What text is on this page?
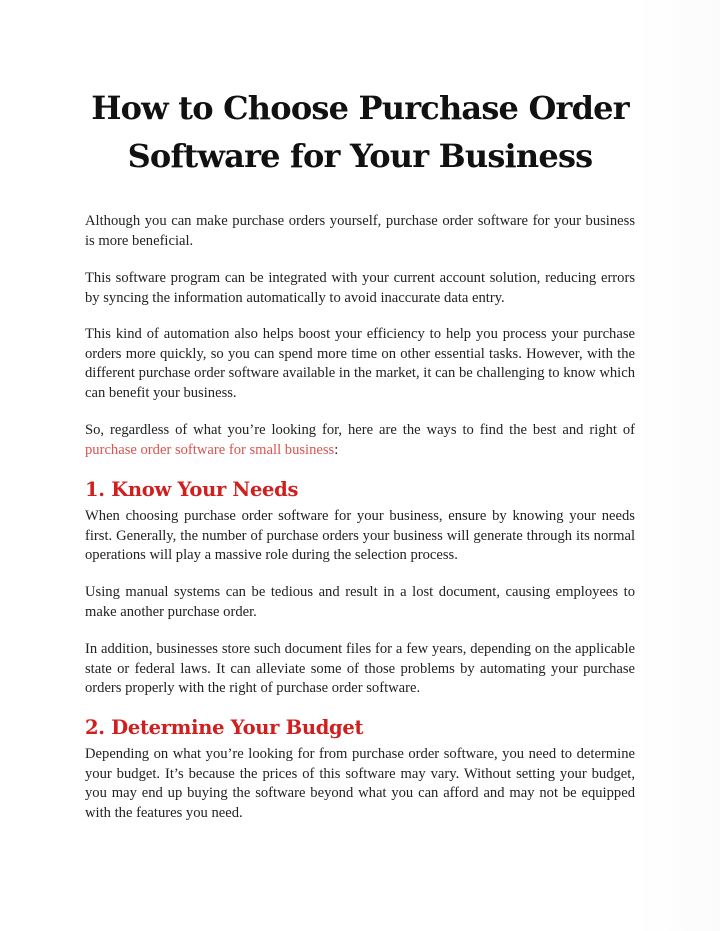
How to Choose Purchase Order
Software for Your Business

Although you can make purchase orders yourself, purchase order software for your business is more beneficial.

This software program can be integrated with your current account solution, reducing errors by syncing the information automatically to avoid inaccurate data entry.

This kind of automation also helps boost your efficiency to help you process your purchase orders more quickly, so you can spend more time on other essential tasks. However, with the different purchase order software available in the market, it can be challenging to know which can benefit your business.

So, regardless of what you’re looking for, here are the ways to find the best and right of purchase order software for small business:

1. Know Your Needs

When choosing purchase order software for your business, ensure by knowing your needs first. Generally, the number of purchase orders your business will generate through its normal operations will play a massive role during the selection process.

Using manual systems can be tedious and result in a lost document, causing employees to make another purchase order.

In addition, businesses store such document files for a few years, depending on the applicable state or federal laws. It can alleviate some of those problems by automating your purchase orders properly with the right of purchase order software.

2. Determine Your Budget

Depending on what you’re looking for from purchase order software, you need to determine your budget. It’s because the prices of this software may vary. Without setting your budget, you may end up buying the software beyond what you can afford and may not be equipped with the features you need.
